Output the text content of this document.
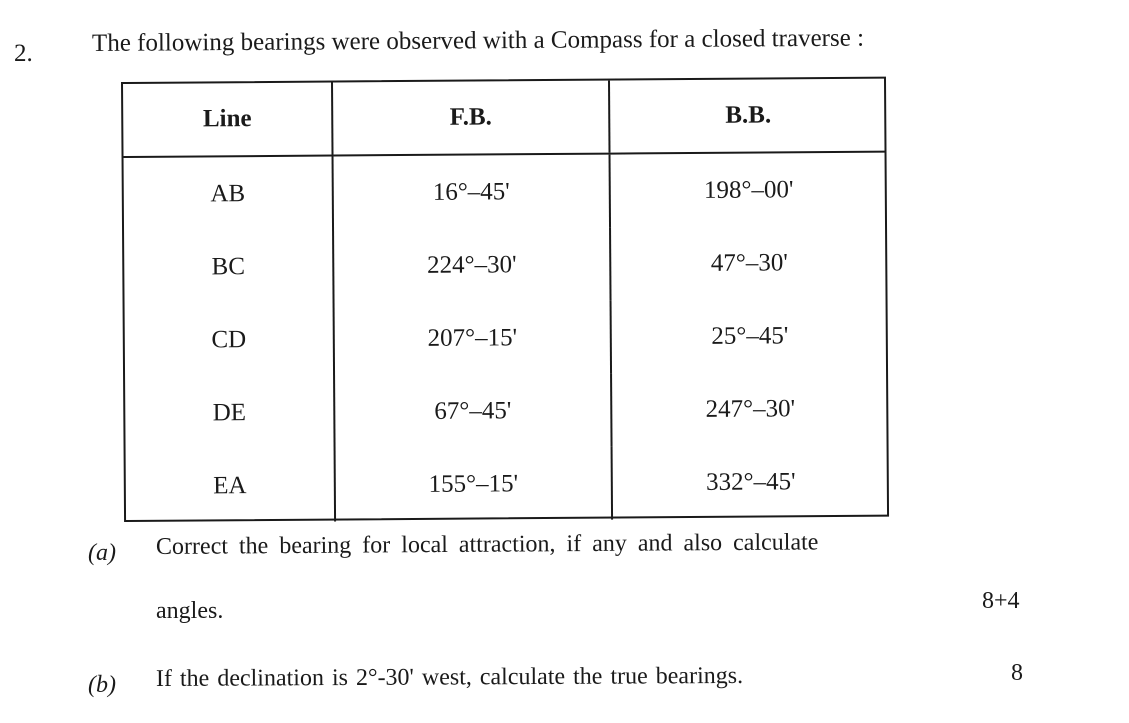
2. The following bearings were observed with a Compass for a closed traverse :
Line	F.B.	B.B.
AB	16°–45'	198°–00'
BC	224°–30'	47°–30'
CD	207°–15'	25°–45'
DE	67°–45'	247°–30'
EA	155°–15'	332°–45'
(a) Correct the bearing for local attraction, if any and also calculate
angles.	8+4
(b) If the declination is 2°-30' west, calculate the true bearings.	8
